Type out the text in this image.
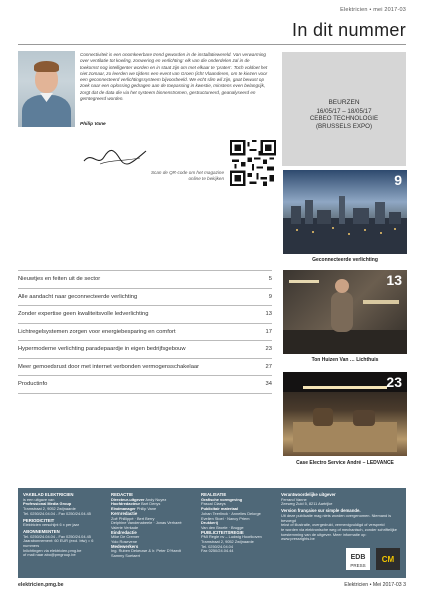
Elektricien • mei 2017-03
In dit nummer
Connectiviteit is een onomkeerbare trend geworden in de installatiewereld. Van verwarming over ventilatie tot koeling, zonwering en verlichting: elk van die onderdelen zal in de toekomst nog intelligenter worden en in staat zijn om met elkaar te ‘praten’. Toch voldoet het niet zomaar, zo leerden we tijdens een event van Groen (icht Vlaanderen, om te kiezen voor een geconnecteerd verlichtingssysteem bijvoorbeeld. We echt slim wil zijn, gaat bewust op zoek naar een oplossing gedragen aan de toepassing in kwestie, minstens even belangrijk, zorgt dat de data die via het systeem binnenstromen, gestructureerd, geanalyseerd en geïntegreerd worden.
Philip Vane
BEURZEN
16/05/17 – 18/05/17
CEBEO TECHNOLOGIE
(BRUSSELS EXPO)
Scan de QR-code om het magazine online te bekijken	9
Geconnecteerde verlichting
13
Ton Huizen Van … Lichthuis
23
Case Electro Service André – LEDVANCE
Nieuwtjes en feiten uit de sector	5
Alle aandacht naar geconnecteerde verlichting	9
Zonder expertise geen kwaliteitsvolle ledverlichting	13
Lichtregelsystemen zorgen voor energiebesparing en comfort	17
Hypermoderne verlichting paradepaardje in eigen bedrijfsgebouw	23
Meer gemoedsrust door met internet verbonden vermogensschakelaar	27
Productinfo	34
VAKBLAD ELEKTRICIEN
is een uitgave van
Professional Media Group
Tramstraat 2, 9052 Zwijnaarde
Tel. 0250/24.04.04 - Fax 0250/24.04.45
PERIODICITEIT
Elektricien verschijnt 6 x per jaar
ABONNEMENTEN
Tel. 0250/24.04.04 - Fax 0250/24.04.45
Jaarabonnement: 60 EUR (excl. btw) = 6 nummers
Inlichtingen via elektricien.pmg.be
of mail naar abo@pmgroup.be
REDACTIE
Directeur-uitgever Andy Nuyez
Hoofdredacteur Bart Denys
Eindmanager Philip Vane
Kernredactie
Zoë Phillippé · Bert Berry
Delphine Vandenabeele · Jonas Verhaeè
Valerie Verkade
Eindredactie
Mike De Cremer
Yolo Rosevene
Medewerkers
Ing. Ruben Dekeuwe & Ir. Peter D’Haedt
Sammy Soetaert
REALISATIE
Grafische vormgeving
Pascal Claeys
Publicitair materiaal
Johan Teerlinck · Annelies Delorge
Evelien Stoel · Nancy Priem
Drukkerij
Van den Broele · Brugge
PUBLICITEITSREGIE
PMI Regie nv – Ludwig Hoorikoven
Tramstraat 2, 9052 Zwijnaarde
Tel. 0250/24.04.04
Fax 0250/24.04.44
Verantwoordelijke uitgever
Ferrand Vanne
Zeeweg Zuid 5, 8211 Aartrijke
Version française sur simple demande.
Uit deze publicatie mag niets worden overgenomen. Niemand is bevoegd
tekst of illustratie, overgedrukt, vermenigvuldigd of verspreid
te worden via elektronische weg of mechanisch, zonder schriftelijke
toestemming van de uitgever. Meer informatie op: www.pressrights.be
EDB
PRESS
CM
elektricien.pmg.be	Elektricien • Mei 2017-03 3
